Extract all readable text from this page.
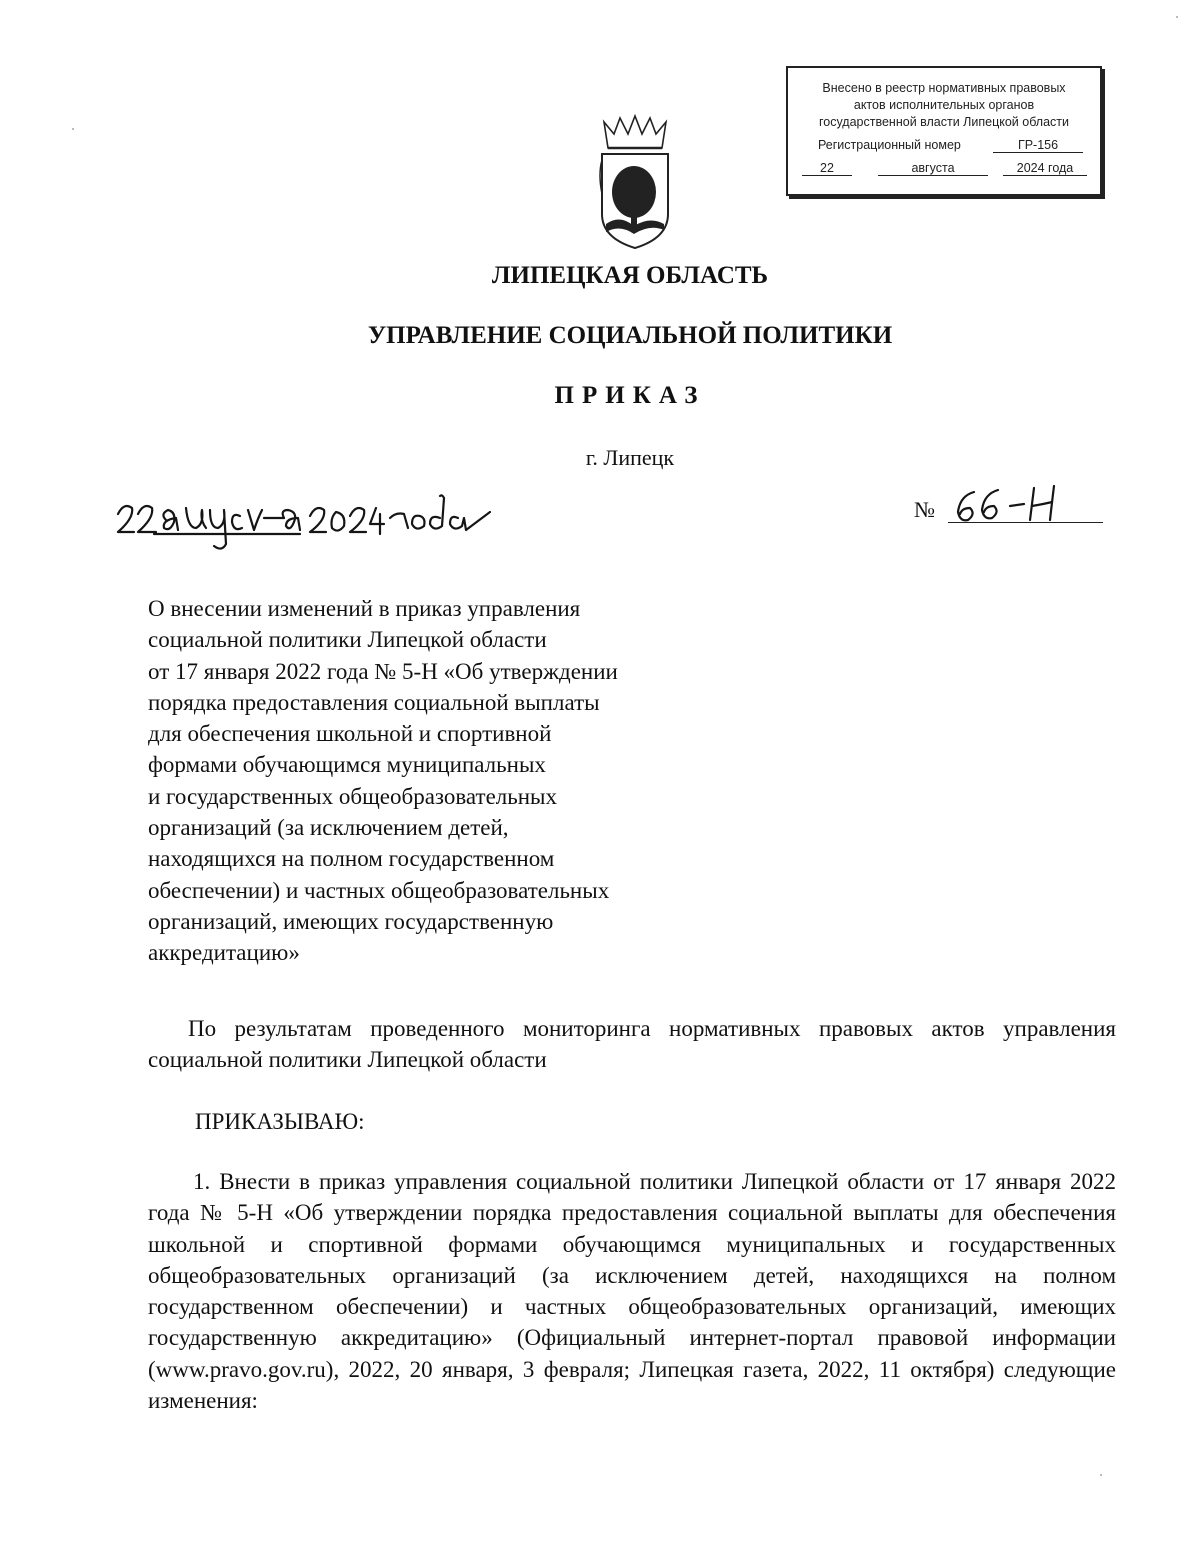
Внесено в реестр нормативных правовых
актов исполнительных органов
государственной власти Липецкой области
Регистрационный номер	ГР-156
22	августа	2024 года
ЛИПЕЦКАЯ ОБЛАСТЬ
УПРАВЛЕНИЕ СОЦИАЛЬНОЙ ПОЛИТИКИ
ПРИКАЗ
г. Липецк
№
О внесении изменений в приказ управления
социальной политики Липецкой области
от 17 января 2022 года № 5-Н «Об утверждении
порядка предоставления социальной выплаты
для обеспечения школьной и спортивной
формами обучающимся муниципальных
и государственных общеобразовательных
организаций (за исключением детей,
находящихся на полном государственном
обеспечении) и частных общеобразовательных
организаций, имеющих государственную
аккредитацию»
По результатам проведенного мониторинга нормативных правовых актов управления социальной политики Липецкой области
ПРИКАЗЫВАЮ:
1. Внести в приказ управления социальной политики Липецкой области от 17 января 2022 года № 5-Н «Об утверждении порядка предоставления социальной выплаты для обеспечения школьной и спортивной формами обучающимся муниципальных и государственных общеобразовательных организаций (за исключением детей, находящихся на полном государственном обеспечении) и частных общеобразовательных организаций, имеющих государственную аккредитацию» (Официальный интернет-портал правовой информации (www.pravo.gov.ru), 2022, 20 января, 3 февраля; Липецкая газета, 2022, 11 октября) следующие изменения:
